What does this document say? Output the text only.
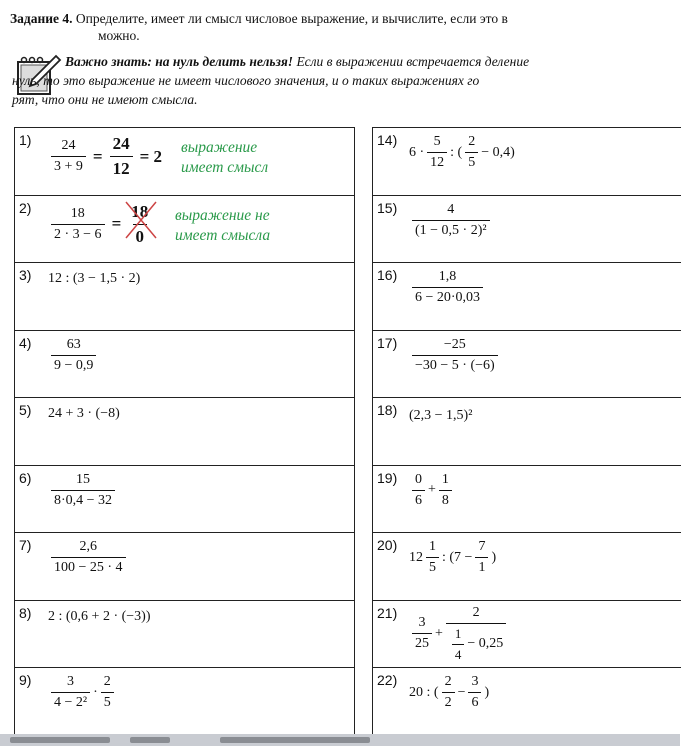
Задание 4. Определите, имеет ли смысл числовое выражение, и вычислите, если это в
можно.
Важно знать: на нуль делить нельзя! Если в выражении встречается деление
нуль, то это выражение не имеет числового значения, и о таких выражениях го
рят, что они не имеют смысла.
$1) \frac{24}{3 + 9} = \frac{24}{12} = 2$ выражение
имеет смысл
$2) \frac{18}{2 \cdot 3 - 6} = \frac{18}{0}$ выражение не
имеет смысла
3) 12 : (3 − 1,5 · 2)
4)	63
9 − 0,9
5) 24 + 3 · (−8)
6)	15
8·0,4 − 32
7)	2,6
100 − 25 · 4
8) 2 : (0,6 + 2 · (−3))
9)	3
4 − 2²
·
2
5
14)
6 ·
5
12
: (
2
5
− 0,4)
15)	4
(1 − 0,5 · 2)²
16)	1,8
6 − 20·0,03
17)	−25
−30 − 5 · (−6)
18) (2,3 − 1,5)²
19) 0
6
+ $\frac{1}{8}$
20)
12
1
5
: ($7 - \frac{7}{1}$ )
21)
3
25
+ 2
1
4
− 0,25
22)
20 : (
2
2
− $\frac{3}{6}$ )
